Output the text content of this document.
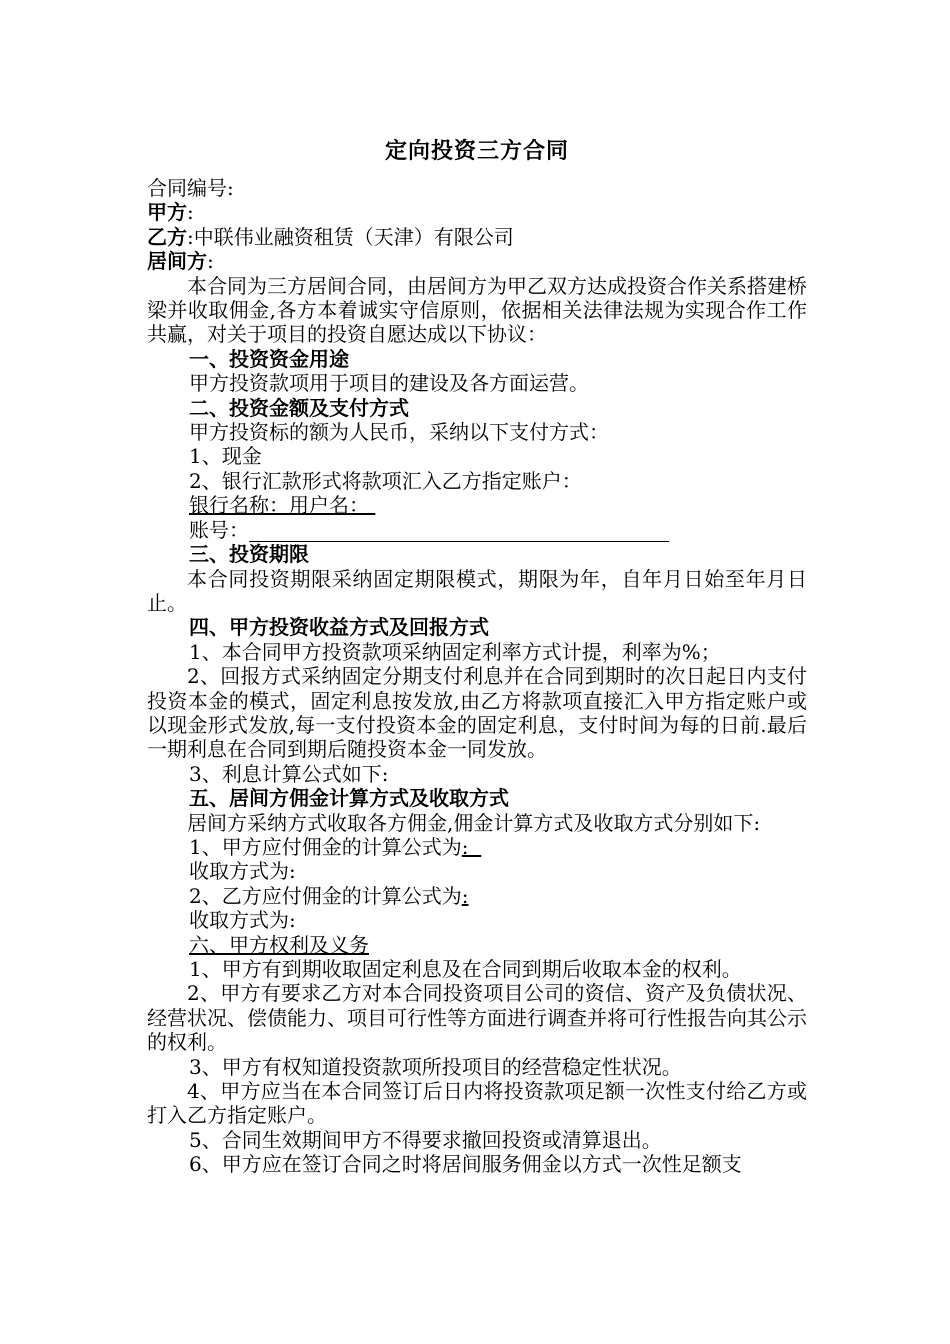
定向投资三方合同
合同编号:
甲方:
乙方:中联伟业融资租赁（天津）有限公司
居间方:
本合同为三方居间合同，由居间方为甲乙双方达成投资合作关系搭建桥梁并收取佣金,各方本着诚实守信原则，依据相关法律法规为实现合作工作共赢，对关于项目的投资自愿达成以下协议：
一、投资资金用途
甲方投资款项用于项目的建设及各方面运营。
二、投资金额及支付方式
甲方投资标的额为人民币，采纳以下支付方式：
1、现金
2、银行汇款形式将款项汇入乙方指定账户：
银行名称：用户名：
账号：
三、投资期限
本合同投资期限采纳固定期限模式，期限为年，自年月日始至年月日止。
四、甲方投资收益方式及回报方式
1、本合同甲方投资款项采纳固定利率方式计提，利率为%；
2、回报方式采纳固定分期支付利息并在合同到期时的次日起日内支付投资本金的模式，固定利息按发放,由乙方将款项直接汇入甲方指定账户或以现金形式发放,每一支付投资本金的固定利息，支付时间为每的日前.最后一期利息在合同到期后随投资本金一同发放。
3、利息计算公式如下:
五、居间方佣金计算方式及收取方式
居间方采纳方式收取各方佣金,佣金计算方式及收取方式分别如下:
1、甲方应付佣金的计算公式为:
收取方式为:
2、乙方应付佣金的计算公式为:
收取方式为:
六、甲方权利及义务
1、甲方有到期收取固定利息及在合同到期后收取本金的权利。
2、甲方有要求乙方对本合同投资项目公司的资信、资产及负债状况、经营状况、偿债能力、项目可行性等方面进行调查并将可行性报告向其公示的权利。
3、甲方有权知道投资款项所投项目的经营稳定性状况。
4、甲方应当在本合同签订后日内将投资款项足额一次性支付给乙方或打入乙方指定账户。
5、合同生效期间甲方不得要求撤回投资或清算退出。
6、甲方应在签订合同之时将居间服务佣金以方式一次性足额支
